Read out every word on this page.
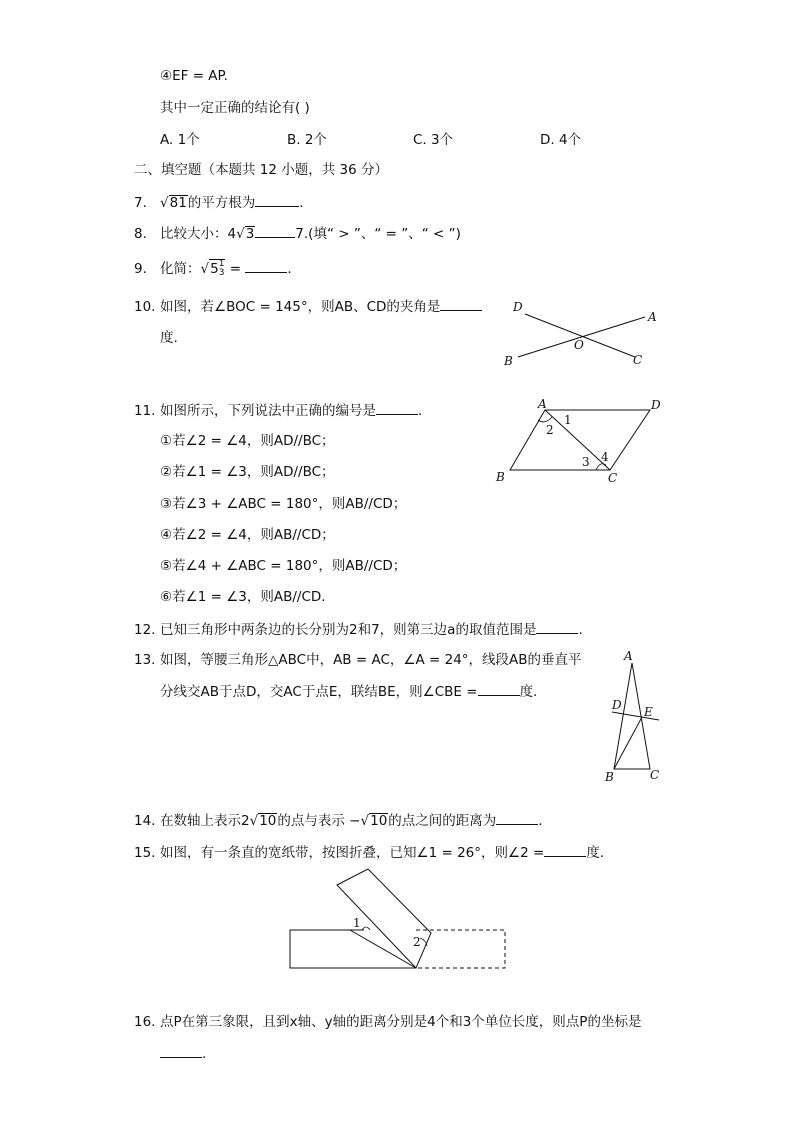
④EF = AP.
其中一定正确的结论有( )
A. 1个	B. 2个	C. 3个	D. 4个
二、填空题（本题共 12 小题，共 36 分）
7. √81的平方根为	.
8. 比较大小：4√3	7.(填“ > ”、“ = ”、“ < ”)
9. 化简：√51
3 =	.
10. 如图，若∠BOC = 145°，则AB、CD的夹角是
度.
D
A
O
B	C
11. 如图所示，下列说法中正确的编号是	.
①若∠2 = ∠4，则AD//BC；
②若∠1 = ∠3，则AD//BC；
③若∠3 + ∠ABC = 180°，则AB//CD；
④若∠2 = ∠4，则AB//CD；
⑤若∠4 + ∠ABC = 180°，则AB//CD；
⑥若∠1 = ∠3，则AB//CD.
A	D
B	C
1
2
3 4
12. 已知三角形中两条边的长分别为2和7，则第三边a的取值范围是	.
13. 如图，等腰三角形△ABC中，AB = AC，∠A = 24°，线段AB的垂直平
分线交AB于点D，交AC于点E，联结BE，则∠CBE =	度.
A
D E
B	C
14. 在数轴上表示2√10的点与表示 −√10的点之间的距离为	.
15. 如图，有一条直的宽纸带，按图折叠，已知∠1 = 26°，则∠2 =	度.
1
2
16. 点P在第三象限，且到x轴、y轴的距离分别是4个和3个单位长度，则点P的坐标是
.
